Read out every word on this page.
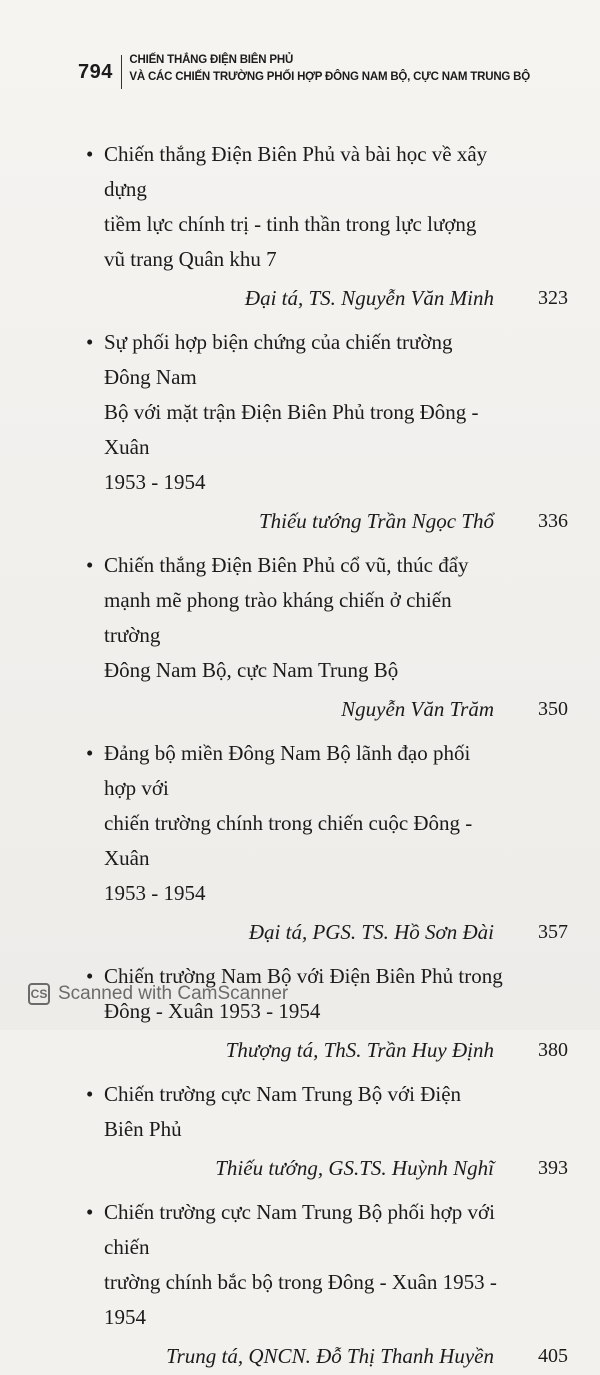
794
CHIẾN THẮNG ĐIỆN BIÊN PHỦ
VÀ CÁC CHIẾN TRƯỜNG PHỐI HỢP ĐÔNG NAM BỘ, CỰC NAM TRUNG BỘ
• Chiến thắng Điện Biên Phủ và bài học về xây dựng
tiềm lực chính trị - tinh thần trong lực lượng
vũ trang Quân khu 7
Đại tá, TS. Nguyễn Văn Minh 323
• Sự phối hợp biện chứng của chiến trường Đông Nam
Bộ với mặt trận Điện Biên Phủ trong Đông - Xuân
1953 - 1954
Thiếu tướng Trần Ngọc Thổ 336
• Chiến thắng Điện Biên Phủ cổ vũ, thúc đẩy
mạnh mẽ phong trào kháng chiến ở chiến trường
Đông Nam Bộ, cực Nam Trung Bộ
Nguyễn Văn Trăm 350
• Đảng bộ miền Đông Nam Bộ lãnh đạo phối hợp với
chiến trường chính trong chiến cuộc Đông - Xuân
1953 - 1954
Đại tá, PGS. TS. Hồ Sơn Đài 357
• Chiến trường Nam Bộ với Điện Biên Phủ trong
Đông - Xuân 1953 - 1954
Thượng tá, ThS. Trần Huy Định 380
• Chiến trường cực Nam Trung Bộ với Điện Biên Phủ
Thiếu tướng, GS.TS. Huỳnh Nghĩ 393
• Chiến trường cực Nam Trung Bộ phối hợp với chiến
trường chính bắc bộ trong Đông - Xuân 1953 - 1954
Trung tá, QNCN. Đỗ Thị Thanh Huyền 405
CS Scanned with CamScanner
